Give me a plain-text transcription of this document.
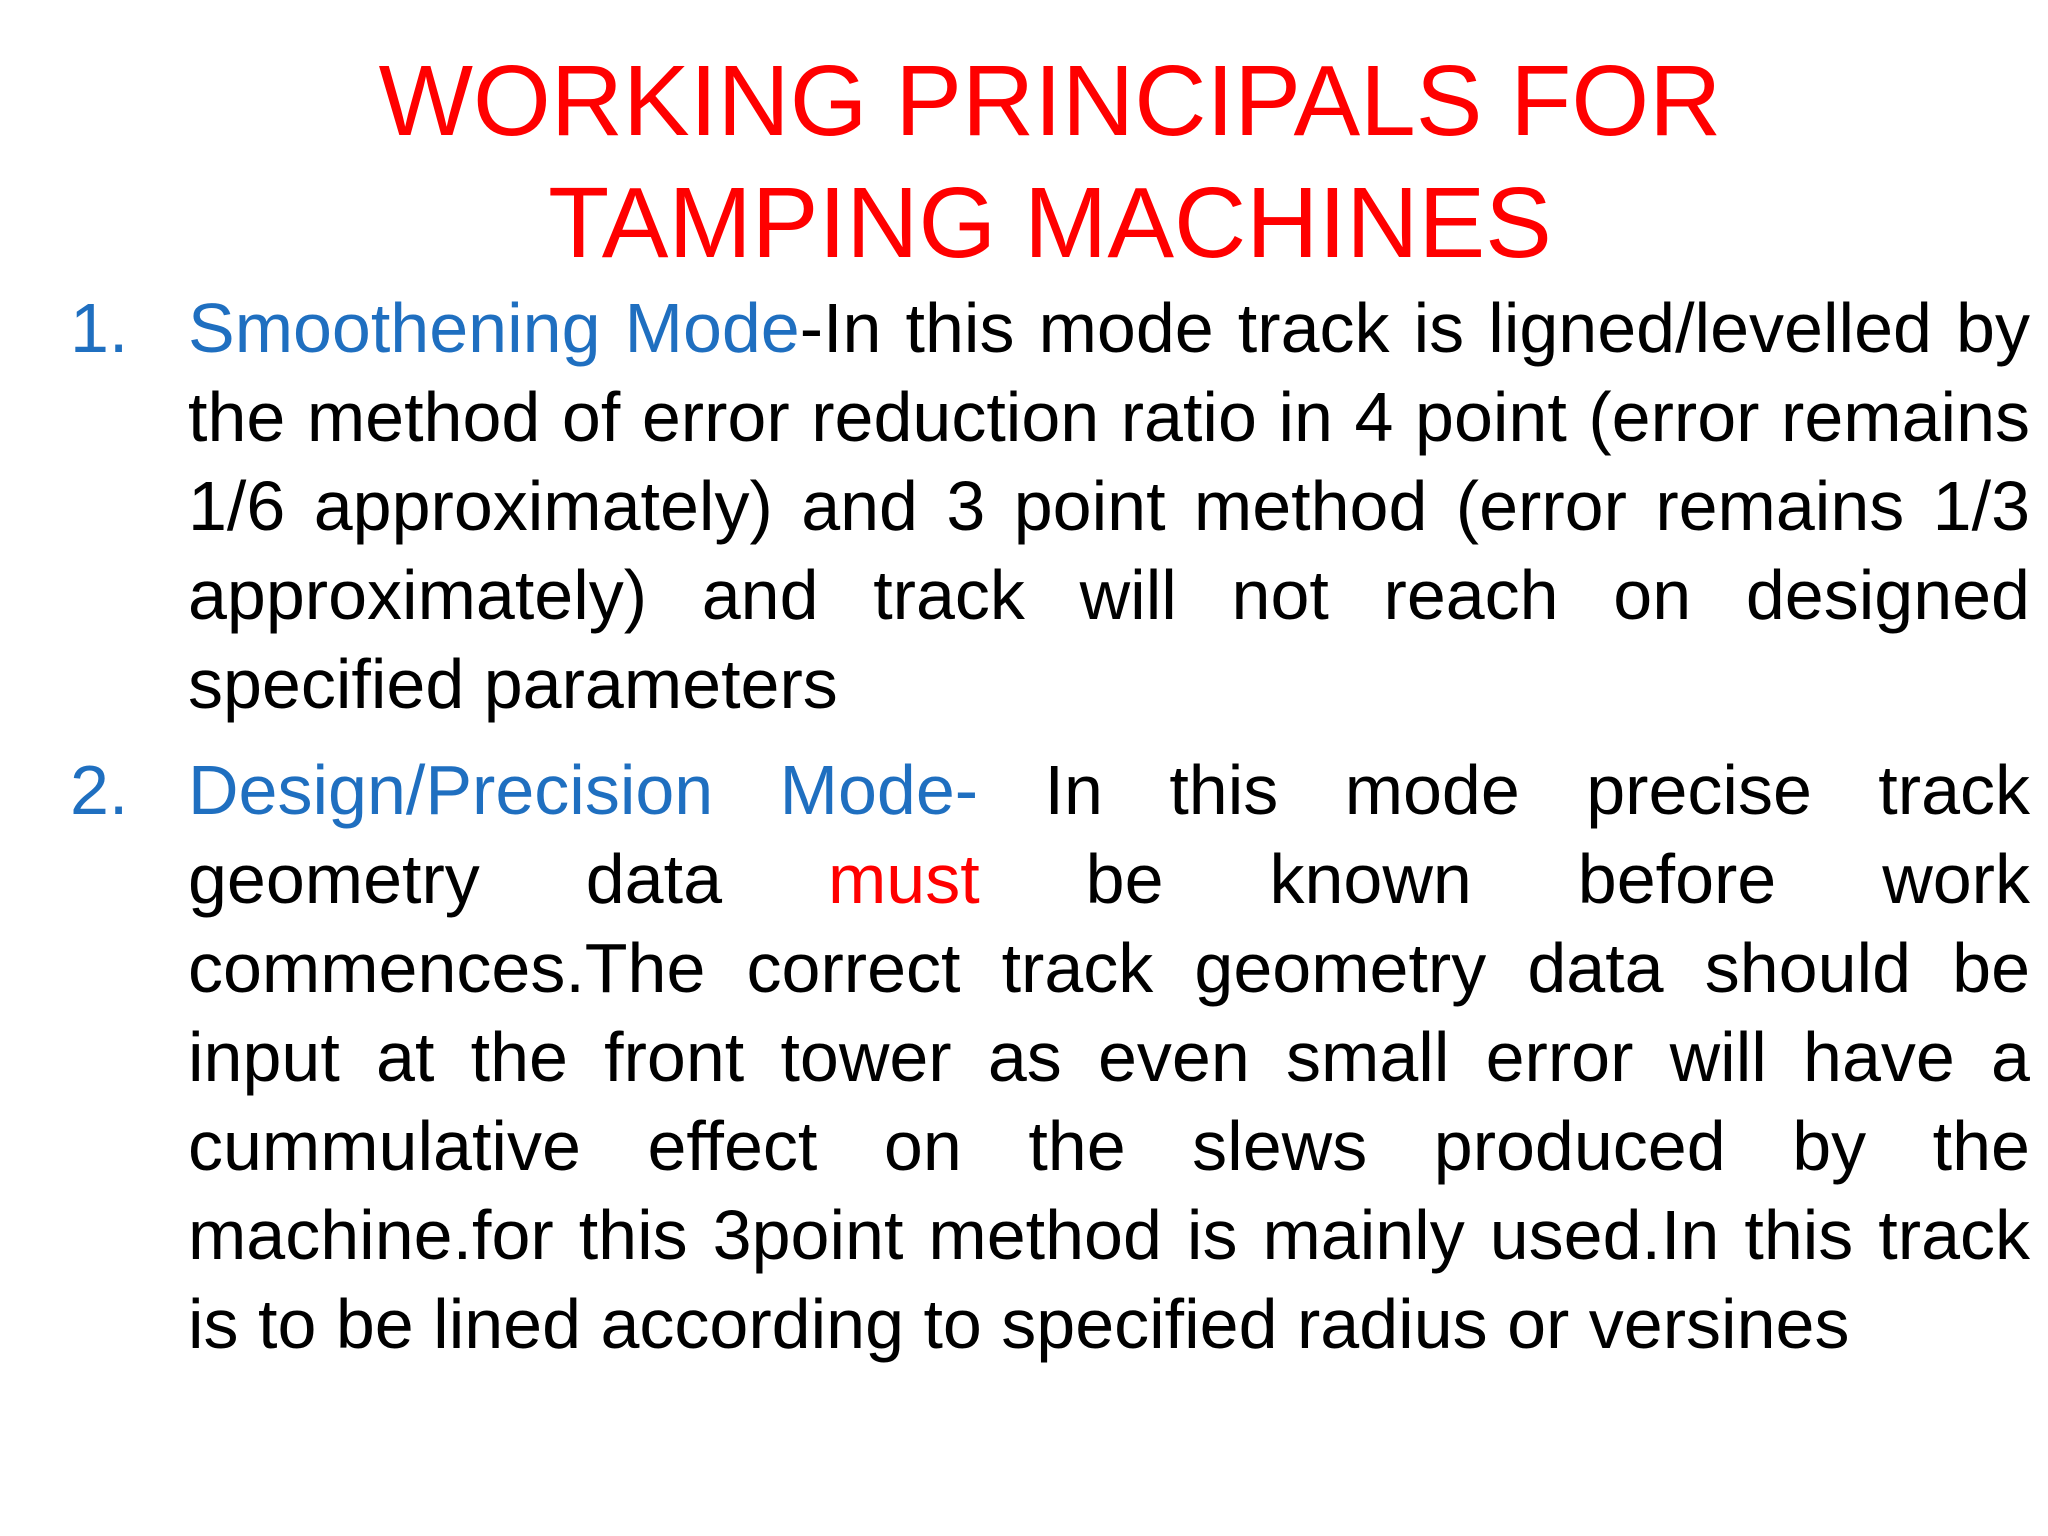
WORKING PRINCIPALS FOR
TAMPING MACHINES
1. Smoothening Mode-In this mode track is ligned/levelled by the method of error reduction ratio in 4 point (error remains 1/6 approximately) and 3 point method (error remains 1/3 approximately) and track will not reach on designed specified parameters
2. Design/Precision Mode- In this mode precise track geometry data must be known before work commences.The correct track geometry data should be input at the front tower as even small error will have a cummulative effect on the slews produced by the machine.for this 3point method is mainly used.In this track is to be lined according to specified radius or versines
